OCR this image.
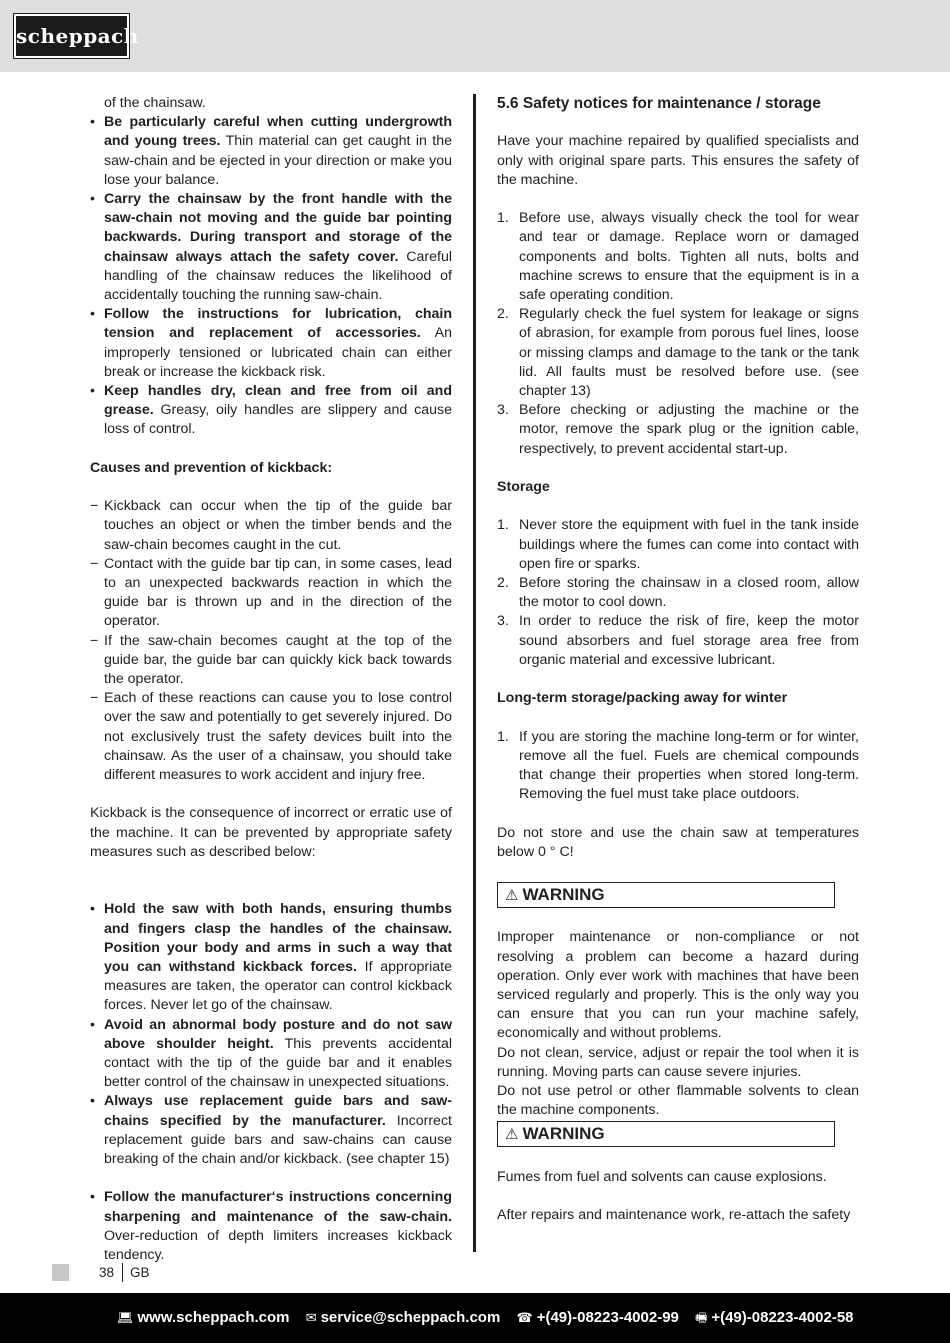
scheppach

of the chainsaw.

• Be particularly careful when cutting undergrowth and young trees. Thin material can get caught in the saw-chain and be ejected in your direction or make you lose your balance.
• Carry the chainsaw by the front handle with the saw-chain not moving and the guide bar pointing backwards. During transport and storage of the chainsaw always attach the safety cover. Careful handling of the chainsaw reduces the likelihood of accidentally touching the running saw-chain.
• Follow the instructions for lubrication, chain tension and replacement of accessories. An improperly tensioned or lubricated chain can either break or increase the kickback risk.
• Keep handles dry, clean and free from oil and grease. Greasy, oily handles are slippery and cause loss of control.

Causes and prevention of kickback:

− Kickback can occur when the tip of the guide bar touches an object or when the timber bends and the saw-chain becomes caught in the cut.
− Contact with the guide bar tip can, in some cases, lead to an unexpected backwards reaction in which the guide bar is thrown up and in the direction of the operator.
− If the saw-chain becomes caught at the top of the guide bar, the guide bar can quickly kick back towards the operator.
− Each of these reactions can cause you to lose control over the saw and potentially to get severely injured. Do not exclusively trust the safety devices built into the chainsaw. As the user of a chainsaw, you should take different measures to work accident and injury free.

Kickback is the consequence of incorrect or erratic use of the machine. It can be prevented by appropriate safety measures such as described below:

• Hold the saw with both hands, ensuring thumbs and fingers clasp the handles of the chainsaw. Position your body and arms in such a way that you can withstand kickback forces. If appropriate measures are taken, the operator can control kickback forces. Never let go of the chainsaw.
• Avoid an abnormal body posture and do not saw above shoulder height. This prevents accidental contact with the tip of the guide bar and it enables better control of the chainsaw in unexpected situations.
• Always use replacement guide bars and saw-chains specified by the manufacturer. Incorrect replacement guide bars and saw-chains can cause breaking of the chain and/or kickback. (see chapter 15)
• Follow the manufacturer‘s instructions concerning sharpening and maintenance of the saw-chain. Over-reduction of depth limiters increases kickback tendency.
5.6 Safety notices for maintenance / storage

Have your machine repaired by qualified specialists and only with original spare parts. This ensures the safety of the machine.

1. Before use, always visually check the tool for wear and tear or damage. Replace worn or damaged components and bolts. Tighten all nuts, bolts and machine screws to ensure that the equipment is in a safe operating condition.
2. Regularly check the fuel system for leakage or signs of abrasion, for example from porous fuel lines, loose or missing clamps and damage to the tank or the tank lid. All faults must be resolved before use. (see chapter 13)
3. Before checking or adjusting the machine or the motor, remove the spark plug or the ignition cable, respectively, to prevent accidental start-up.

Storage

1. Never store the equipment with fuel in the tank inside buildings where the fumes can come into contact with open fire or sparks.
2. Before storing the chainsaw in a closed room, allow the motor to cool down.
3. In order to reduce the risk of fire, keep the motor sound absorbers and fuel storage area free from organic material and excessive lubricant.

Long-term storage/packing away for winter

1. If you are storing the machine long-term or for winter, remove all the fuel. Fuels are chemical compounds that change their properties when stored long-term. Removing the fuel must take place outdoors.

Do not store and use the chain saw at temperatures below 0 ° C!

⚠ WARNING

Improper maintenance or non-compliance or not resolving a problem can become a hazard during operation. Only ever work with machines that have been serviced regularly and properly. This is the only way you can ensure that you can run your machine safely, economically and without problems.

Do not clean, service, adjust or repair the tool when it is running. Moving parts can cause severe injuries.

Do not use petrol or other flammable solvents to clean the machine components.

⚠ WARNING

Fumes from fuel and solvents can cause explosions.

After repairs and maintenance work, re-attach the safety

38 GB
💻︎ www.scheppach.com ✉ service@scheppach.com ☎ +(49)-08223-4002-99 🖷︎ +(49)-08223-4002-58
